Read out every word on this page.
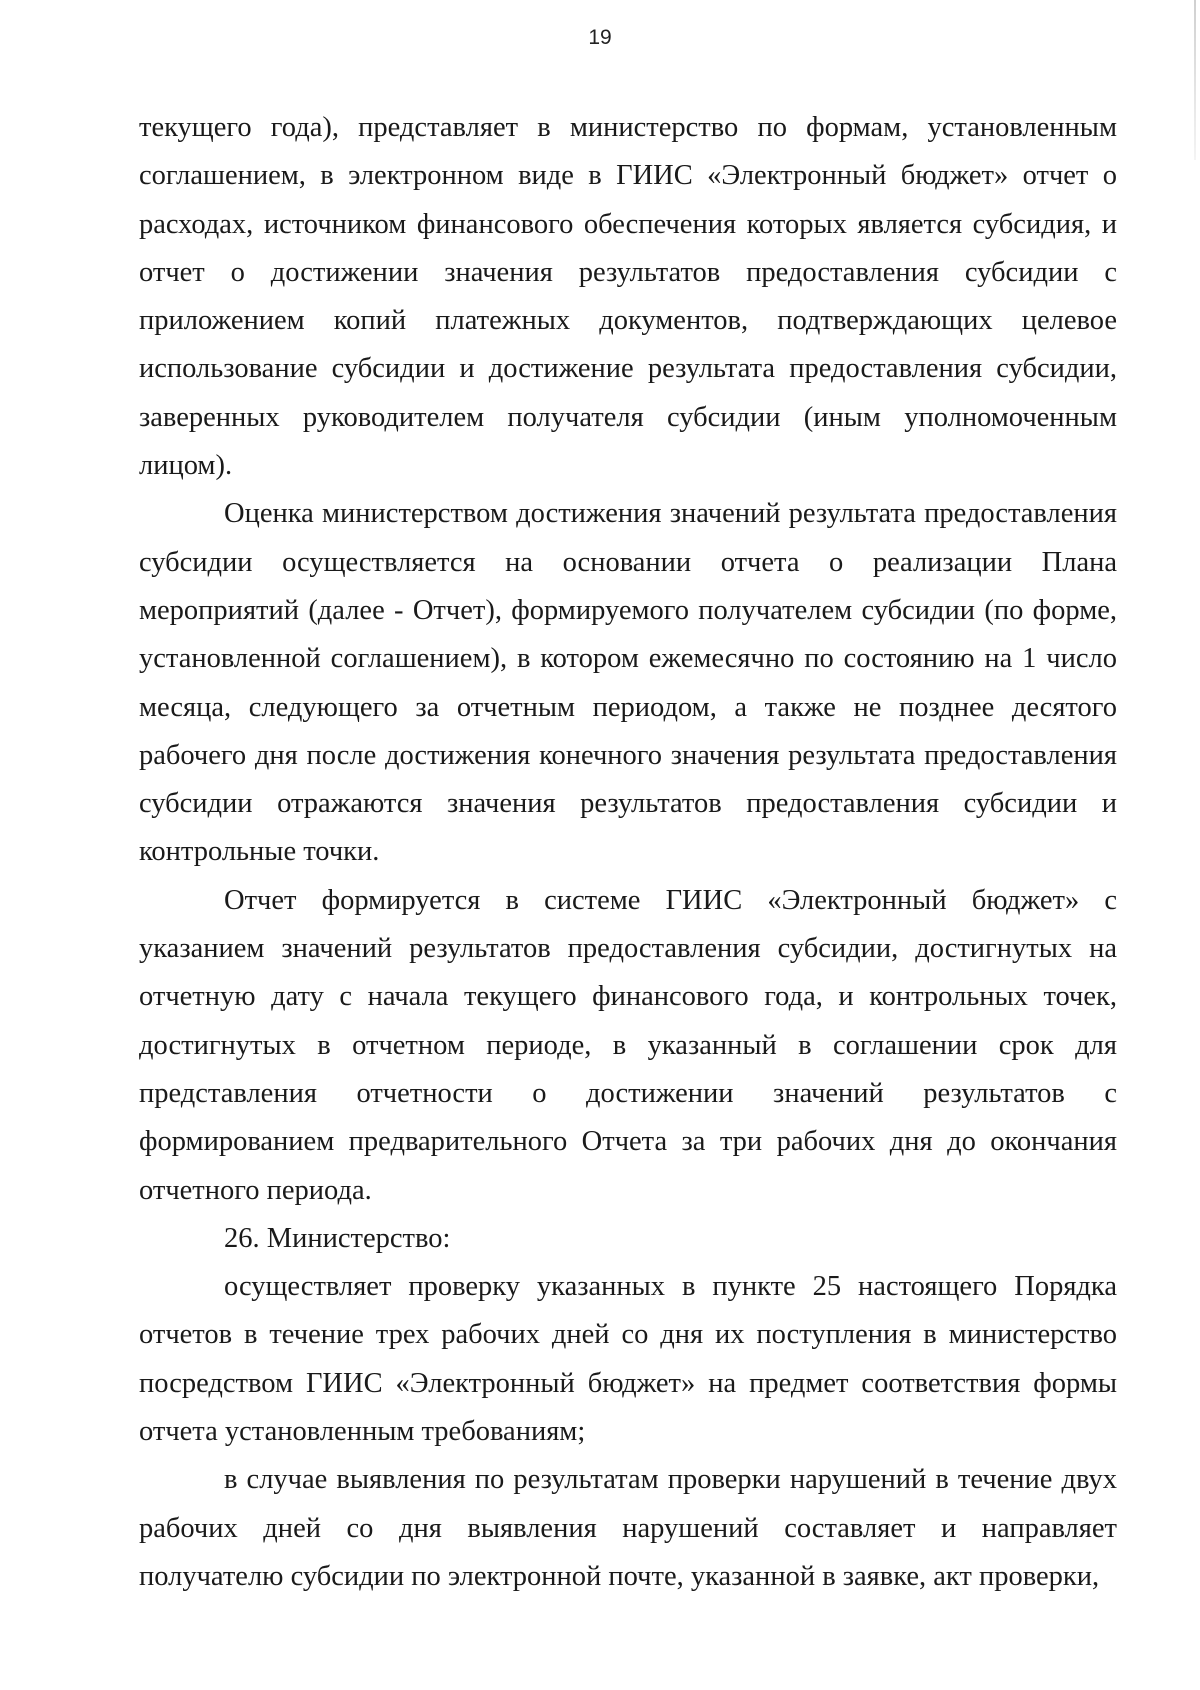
19

текущего года), представляет в министерство по формам, установленным соглашением, в электронном виде в ГИИС «Электронный бюджет» отчет о расходах, источником финансового обеспечения которых является субсидия, и отчет о достижении значения результатов предоставления субсидии с приложением копий платежных документов, подтверждающих целевое использование субсидии и достижение результата предоставления субсидии, заверенных руководителем получателя субсидии (иным уполномоченным лицом).

Оценка министерством достижения значений результата предоставления субсидии осуществляется на основании отчета о реализации Плана мероприятий (далее - Отчет), формируемого получателем субсидии (по форме, установленной соглашением), в котором ежемесячно по состоянию на 1 число месяца, следующего за отчетным периодом, а также не позднее десятого рабочего дня после достижения конечного значения результата предоставления субсидии отражаются значения результатов предоставления субсидии и контрольные точки.

Отчет формируется в системе ГИИС «Электронный бюджет» с указанием значений результатов предоставления субсидии, достигнутых на отчетную дату с начала текущего финансового года, и контрольных точек, достигнутых в отчетном периоде, в указанный в соглашении срок для представления отчетности о достижении значений результатов с формированием предварительного Отчета за три рабочих дня до окончания отчетного периода.

26. Министерство:

осуществляет проверку указанных в пункте 25 настоящего Порядка отчетов в течение трех рабочих дней со дня их поступления в министерство посредством ГИИС «Электронный бюджет» на предмет соответствия формы отчета установленным требованиям;

в случае выявления по результатам проверки нарушений в течение двух рабочих дней со дня выявления нарушений составляет и направляет получателю субсидии по электронной почте, указанной в заявке, акт проверки,
